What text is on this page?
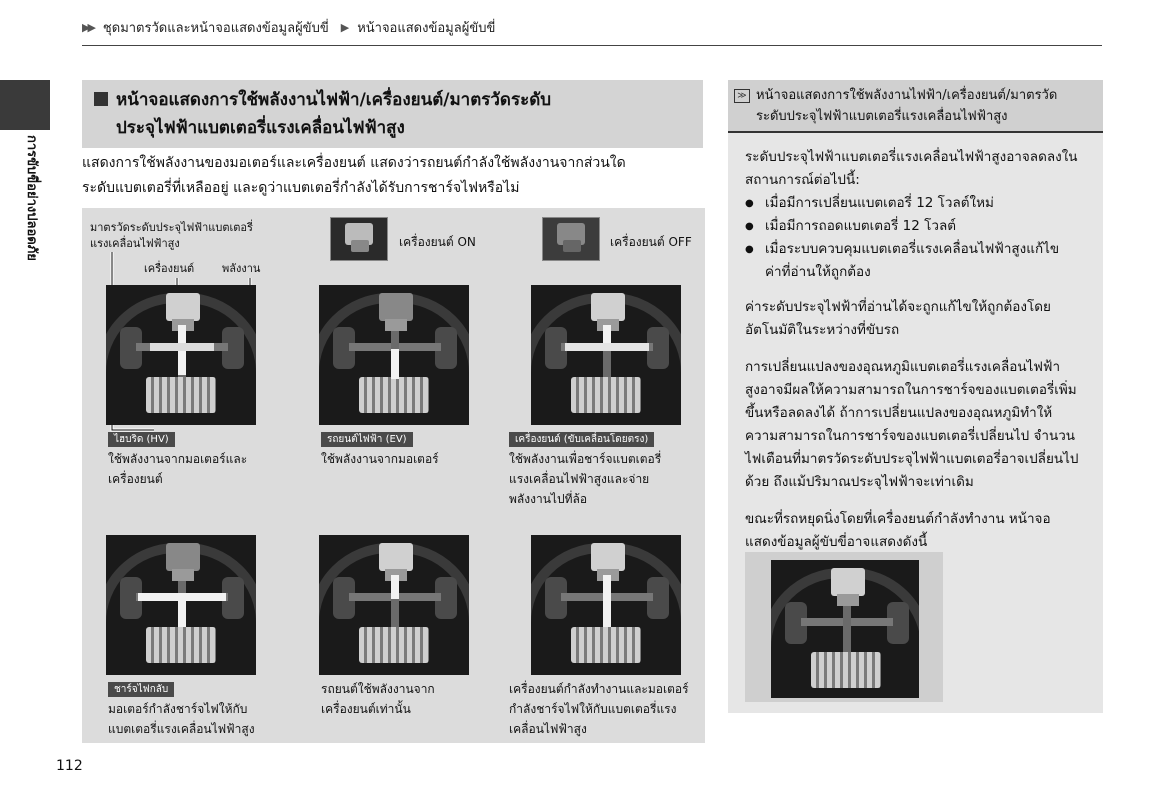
▶▶ ชุดมาตรวัดและหน้าจอแสดงข้อมูลผู้ขับขี่ ▶ หน้าจอแสดงข้อมูลผู้ขับขี่
การขับขี่อย่างปลอดภัย
หน้าจอแสดงการใช้พลังงานไฟฟ้า/เครื่องยนต์/มาตรวัดระดับ
ประจุไฟฟ้าแบตเตอรี่แรงเคลื่อนไฟฟ้าสูง
แสดงการใช้พลังงานของมอเตอร์และเครื่องยนต์ แสดงว่ารถยนต์กำลังใช้พลังงานจากส่วนใด
ระดับแบตเตอรี่ที่เหลืออยู่ และดูว่าแบตเตอรี่กำลังได้รับการชาร์จไฟหรือไม่
มาตรวัดระดับประจุไฟฟ้าแบตเตอรี่
แรงเคลื่อนไฟฟ้าสูง
เครื่องยนต์	พลังงาน
เครื่องยนต์ ON	เครื่องยนต์ OFF
ไฮบริด (HV)	รถยนต์ไฟฟ้า (EV)	เครื่องยนต์ (ขับเคลื่อนโดยตรง)
ใช้พลังงานจากมอเตอร์และ
เครื่องยนต์
ใช้พลังงานจากมอเตอร์	ใช้พลังงานเพื่อชาร์จแบตเตอรี่
แรงเคลื่อนไฟฟ้าสูงและจ่าย
พลังงานไปที่ล้อ
ชาร์จไฟกลับ
มอเตอร์กำลังชาร์จไฟให้กับ
แบตเตอรี่แรงเคลื่อนไฟฟ้าสูง
รถยนต์ใช้พลังงานจาก
เครื่องยนต์เท่านั้น
เครื่องยนต์กำลังทำงานและมอเตอร์
กำลังชาร์จไฟให้กับแบตเตอรี่แรง
เคลื่อนไฟฟ้าสูง
≫ หน้าจอแสดงการใช้พลังงานไฟฟ้า/เครื่องยนต์/มาตรวัด
ระดับประจุไฟฟ้าแบตเตอรี่แรงเคลื่อนไฟฟ้าสูง

ระดับประจุไฟฟ้าแบตเตอรี่แรงเคลื่อนไฟฟ้าสูงอาจลดลงใน
สถานการณ์ต่อไปนี้:

● เมื่อมีการเปลี่ยนแบตเตอรี่ 12 โวลต์ใหม่
● เมื่อมีการถอดแบตเตอรี่ 12 โวลต์
● เมื่อระบบควบคุมแบตเตอรี่แรงเคลื่อนไฟฟ้าสูงแก้ไข
ค่าที่อ่านให้ถูกต้อง

ค่าระดับประจุไฟฟ้าที่อ่านได้จะถูกแก้ไขให้ถูกต้องโดย
อัตโนมัติในระหว่างที่ขับรถ

การเปลี่ยนแปลงของอุณหภูมิแบตเตอรี่แรงเคลื่อนไฟฟ้า
สูงอาจมีผลให้ความสามารถในการชาร์จของแบตเตอรี่เพิ่ม
ขึ้นหรือลดลงได้ ถ้าการเปลี่ยนแปลงของอุณหภูมิทำให้
ความสามารถในการชาร์จของแบตเตอรี่เปลี่ยนไป จำนวน
ไฟเตือนที่มาตรวัดระดับประจุไฟฟ้าแบตเตอรี่อาจเปลี่ยนไป
ด้วย ถึงแม้ปริมาณประจุไฟฟ้าจะเท่าเดิม

ขณะที่รถหยุดนิ่งโดยที่เครื่องยนต์กำลังทำงาน หน้าจอ
แสดงข้อมูลผู้ขับขี่อาจแสดงดังนี้

112
